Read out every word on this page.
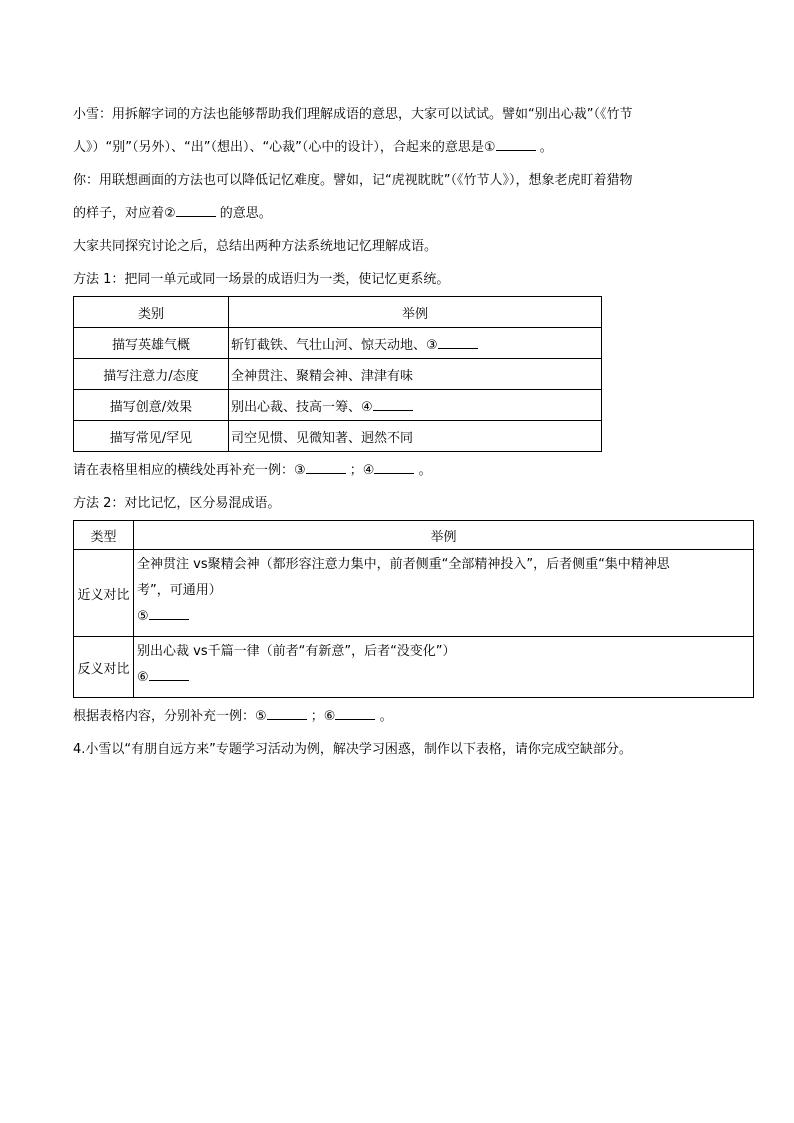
小雪：用拆解字词的方法也能够帮助我们理解成语的意思，大家可以试试。譬如“别出心裁”（《竹节
人》）“别”（另外）、“出”（想出）、“心裁”（心中的设计），合起来的意思是①	。
你：用联想画面的方法也可以降低记忆难度。譬如，记“虎视眈眈”（《竹节人》），想象老虎盯着猎物
的样子，对应着②	的意思。
大家共同探究讨论之后，总结出两种方法系统地记忆理解成语。
方法 1：把同一单元或同一场景的成语归为一类，使记忆更系统。
类别	举例
描写英雄气概	斩钉截铁、气壮山河、惊天动地、③
描写注意力/态度	全神贯注、聚精会神、津津有味
描写创意/效果	别出心裁、技高一筹、④
描写常见/罕见	司空见惯、见微知著、迥然不同
请在表格里相应的横线处再补充一例：③	；④	。
方法 2：对比记忆，区分易混成语。
类型	举例
近义对比	全神贯注 vs聚精会神（都形容注意力集中，前者侧重“全部精神投入”，后者侧重“集中精神思
考”，可通用）
⑤

反义对比	别出心裁 vs千篇一律（前者“有新意”，后者“没变化”）
⑥
根据表格内容，分别补充一例：⑤	；⑥	。
4.小雪以“有朋自远方来”专题学习活动为例，解决学习困惑，制作以下表格，请你完成空缺部分。
